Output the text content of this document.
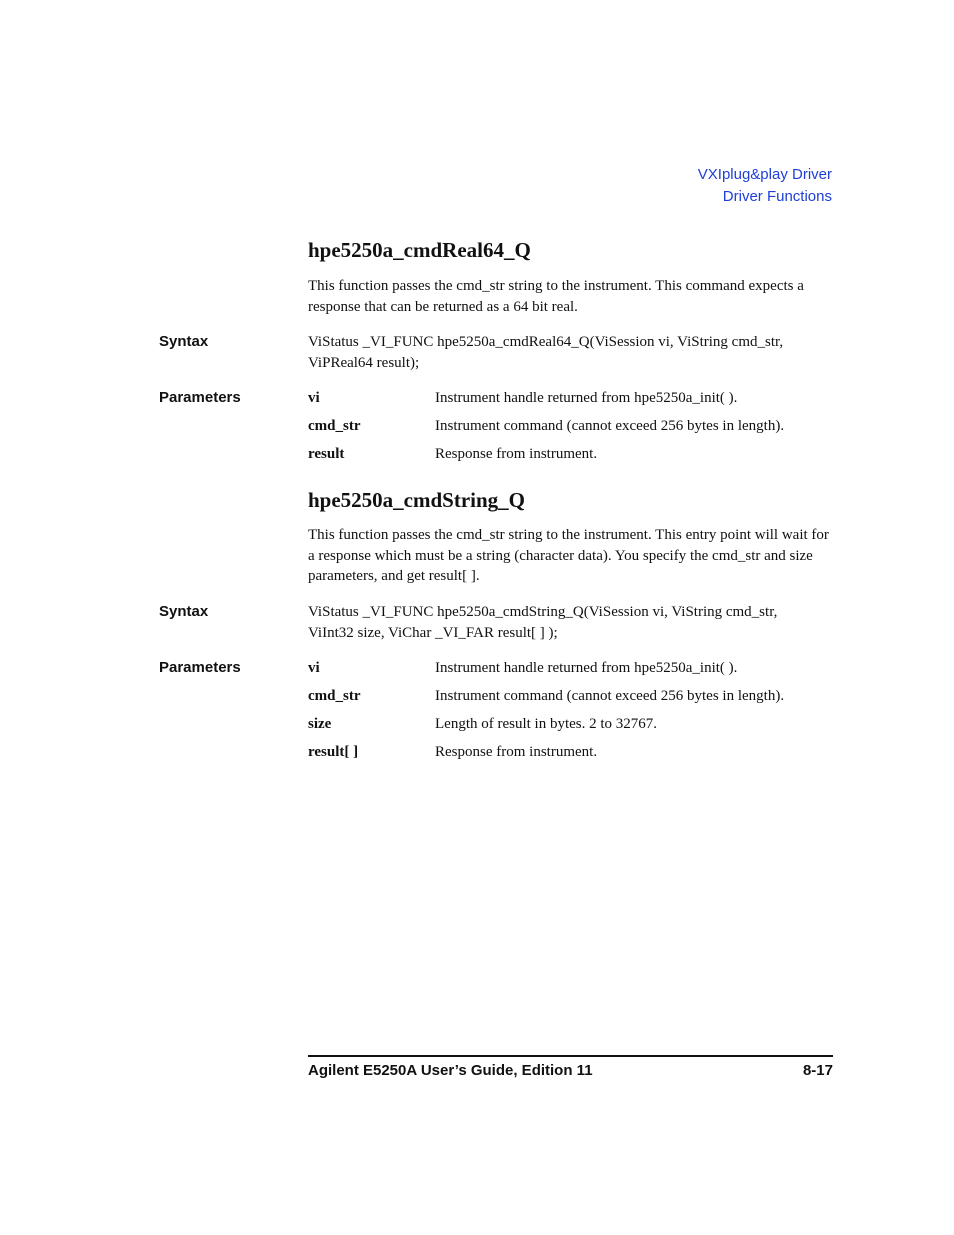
VXIplug&play Driver
Driver Functions
hpe5250a_cmdReal64_Q

This function passes the cmd_str string to the instrument. This command expects a response that can be returned as a 64 bit real.

Syntax	ViStatus _VI_FUNC hpe5250a_cmdReal64_Q(ViSession vi, ViString cmd_str,
ViPReal64 result);
Parameters	vi	Instrument handle returned from hpe5250a_init( ).
cmd_str	Instrument command (cannot exceed 256 bytes in length).
result	Response from instrument.
hpe5250a_cmdString_Q

This function passes the cmd_str string to the instrument. This entry point will wait for a response which must be a string (character data). You specify the cmd_str and size parameters, and get result[ ].

Syntax	ViStatus _VI_FUNC hpe5250a_cmdString_Q(ViSession vi, ViString cmd_str,
ViInt32 size, ViChar _VI_FAR result[ ] );
Parameters	vi	Instrument handle returned from hpe5250a_init( ).
cmd_str	Instrument command (cannot exceed 256 bytes in length).
size	Length of result in bytes. 2 to 32767.
result[ ]	Response from instrument.
Agilent E5250A User’s Guide, Edition 11	8-17
